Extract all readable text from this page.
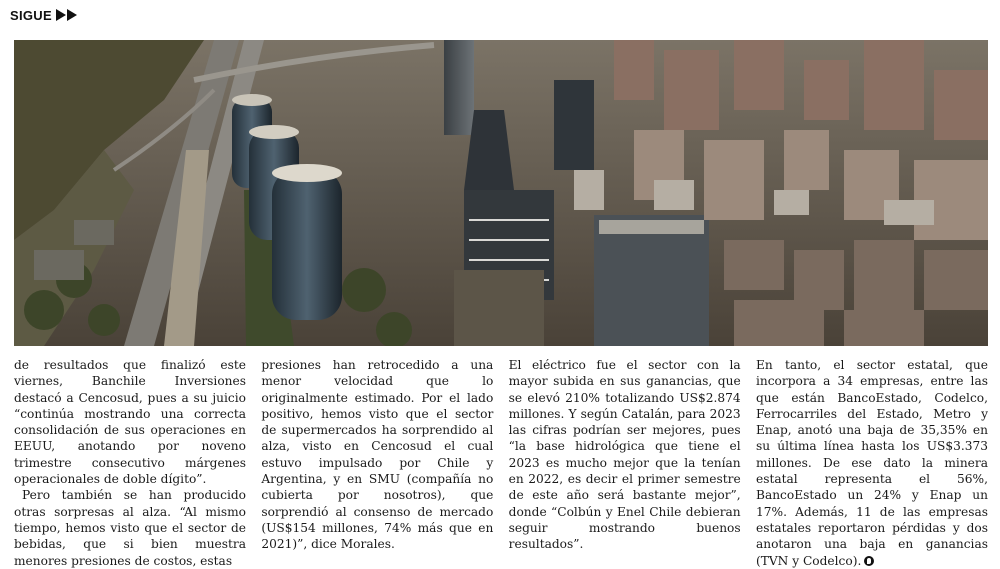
SIGUE

de resultados que finalizó este viernes, Banchile Inversiones destacó a Cencosud, pues a su juicio “continúa mostrando una correcta consolidación de sus operaciones en EEUU, anotando por noveno trimestre consecutivo márgenes operacionales de doble dígito”.

Pero también se han producido otras sorpresas al alza. “Al mismo tiempo, hemos visto que el sector de bebidas, que si bien muestra menores presiones de costos, estas

presiones han retrocedido a una menor velocidad que lo originalmente estimado. Por el lado positivo, hemos visto que el sector de supermercados ha sorprendido al alza, visto en Cencosud el cual estuvo impulsado por Chile y Argentina, y en SMU (compañía no cubierta por nosotros), que sorprendió al consenso de mercado (US$154 millones, 74% más que en 2021)”, dice Morales.

El eléctrico fue el sector con la mayor subida en sus ganancias, que se elevó 210% totalizando US$2.874 millones. Y según Catalán, para 2023 las cifras podrían ser mejores, pues “la base hidrológica que tiene el 2023 es mucho mejor que la tenían en 2022, es decir el primer semestre de este año será bastante mejor”, donde “Colbún y Enel Chile debieran seguir mostrando buenos resultados”.

En tanto, el sector estatal, que incorpora a 34 empresas, entre las que están BancoEstado, Codelco, Ferrocarriles del Estado, Metro y Enap, anotó una baja de 35,35% en su última línea hasta los US$3.373 millones. De ese dato la minera estatal representa el 56%, BancoEstado un 24% y Enap un 17%. Además, 11 de las empresas estatales reportaron pérdidas y dos anotaron una baja en ganancias (TVN y Codelco).
